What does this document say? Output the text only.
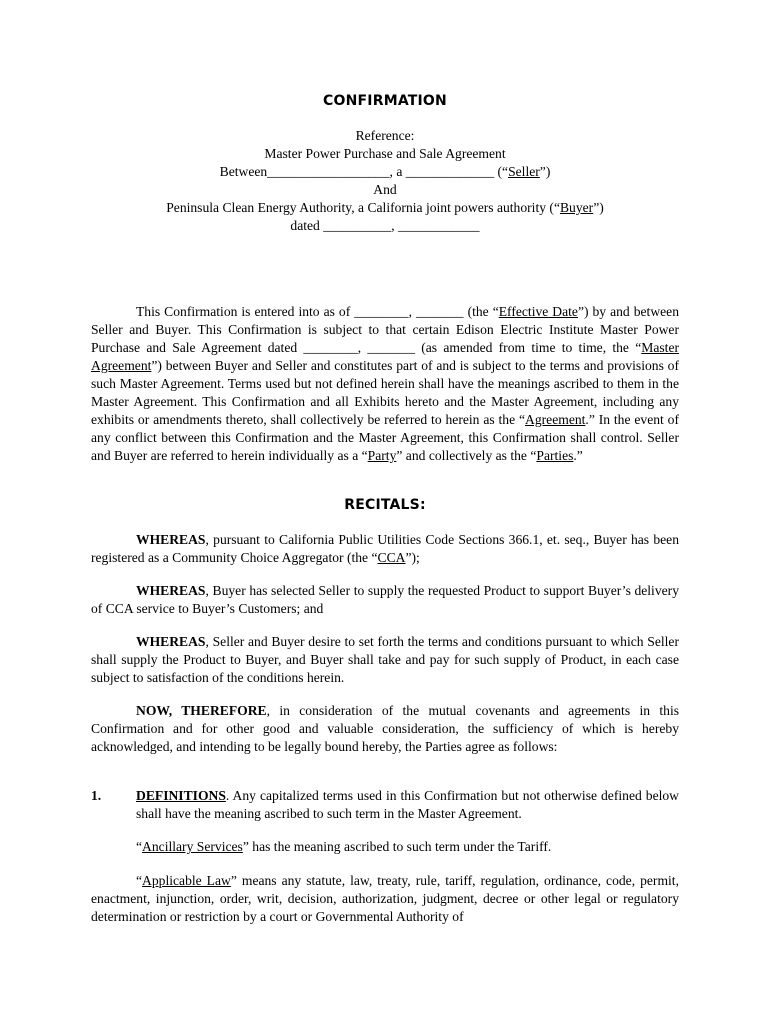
CONFIRMATION
Reference:
Master Power Purchase and Sale Agreement
Between__________________, a _____________ (“Seller”)
And
Peninsula Clean Energy Authority, a California joint powers authority (“Buyer”)
dated __________, ____________

This Confirmation is entered into as of ________, _______ (the “Effective Date”) by and between Seller and Buyer. This Confirmation is subject to that certain Edison Electric Institute Master Power Purchase and Sale Agreement dated ________, _______ (as amended from time to time, the “Master Agreement”) between Buyer and Seller and constitutes part of and is subject to the terms and provisions of such Master Agreement. Terms used but not defined herein shall have the meanings ascribed to them in the Master Agreement. This Confirmation and all Exhibits hereto and the Master Agreement, including any exhibits or amendments thereto, shall collectively be referred to herein as the “Agreement.” In the event of any conflict between this Confirmation and the Master Agreement, this Confirmation shall control. Seller and Buyer are referred to herein individually as a “Party” and collectively as the “Parties.”

RECITALS:

WHEREAS, pursuant to California Public Utilities Code Sections 366.1, et. seq., Buyer has been registered as a Community Choice Aggregator (the “CCA”);

WHEREAS, Buyer has selected Seller to supply the requested Product to support Buyer’s delivery of CCA service to Buyer’s Customers; and

WHEREAS, Seller and Buyer desire to set forth the terms and conditions pursuant to which Seller shall supply the Product to Buyer, and Buyer shall take and pay for such supply of Product, in each case subject to satisfaction of the conditions herein.

NOW, THEREFORE, in consideration of the mutual covenants and agreements in this Confirmation and for other good and valuable consideration, the sufficiency of which is hereby acknowledged, and intending to be legally bound hereby, the Parties agree as follows:

1.	DEFINITIONS. Any capitalized terms used in this Confirmation but not otherwise defined below shall have the meaning ascribed to such term in the Master Agreement.

“Ancillary Services” has the meaning ascribed to such term under the Tariff.

“Applicable Law” means any statute, law, treaty, rule, tariff, regulation, ordinance, code, permit, enactment, injunction, order, writ, decision, authorization, judgment, decree or other legal or regulatory determination or restriction by a court or Governmental Authority of
